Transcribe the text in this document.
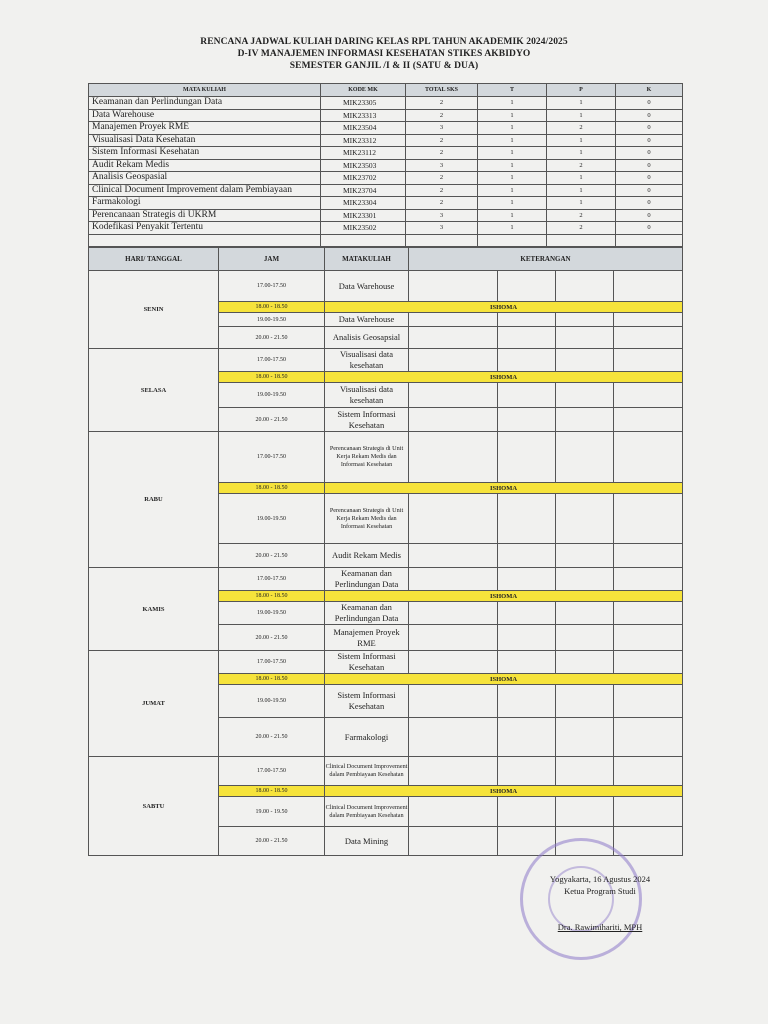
RENCANA JADWAL KULIAH DARING KELAS RPL TAHUN AKADEMIK 2024/2025
D-IV MANAJEMEN INFORMASI KESEHATAN STIKES AKBIDYO
SEMESTER GANJIL /I & II (SATU & DUA)
MATA KULIAH	KODE MK	TOTAL SKS	T	P	K
Keamanan dan Perlindungan Data	MIK23305	2	1	1	0
Data Warehouse	MIK23313	2	1	1	0
Manajemen Proyek RME	MIK23504	3	1	2	0
Visualisasi Data Kesehatan	MIK23312	2	1	1	0
Sistem Informasi Kesehatan	MIK23112	2	1	1	0
Audit Rekam Medis	MIK23503	3	1	2	0
Analisis Geospasial	MIK23702	2	1	1	0
Clinical Document Improvement dalam Pembiayaan	MIK23704	2	1	1	0
Farmakologi	MIK23304	2	1	1	0
Perencanaan Strategis di UKRM	MIK23301	3	1	2	0
Kodefikasi Penyakit Tertentu	MIK23502	3	1	2	0

HARI/ TANGGAL	JAM	MATAKULIAH	KETERANGAN			
SENIN	17.00-17.50	Data Warehouse				
	18.00 - 18.50	ISHOMA				
	19.00-19.50	Data Warehouse				
	20.00 - 21.50	Analisis Geosapsial				
SELASA	17.00-17.50	Visualisasi data kesehatan				
	18.00 - 18.50	ISHOMA				
	19.00-19.50	Visualisasi data kesehatan				
	20.00 - 21.50	Sistem Informasi Kesehatan				
RABU	17.00-17.50	Perencanaan Strategis di Unit Kerja Rekam Medis dan Informasi Kesehatan				
	18.00 - 18.50	ISHOMA				
	19.00-19.50	Perencanaan Strategis di Unit Kerja Rekam Medis dan Informasi Kesehatan				
	20.00 - 21.50	Audit Rekam Medis				
KAMIS	17.00-17.50	Keamanan dan Perlindungan Data				
	18.00 - 18.50	ISHOMA				
	19.00-19.50	Keamanan dan Perlindungan Data				
	20.00 - 21.50	Manajemen Proyek RME				
JUMAT	17.00-17.50	Sistem Informasi Kesehatan				
	18.00 - 18.50	ISHOMA				
	19.00-19.50	Sistem Informasi Kesehatan				
	20.00 - 21.50	Farmakologi				
SABTU	17.00-17.50	Clinical Document Improvement dalam Pembiayaan Kesehatan				
	18.00 - 18.50	ISHOMA				
	19.00 - 19.50	Clinical Document Improvement dalam Pembiayaan Kesehatan				
	20.00 - 21.50	Data Mining				
Yogyakarta, 16 Agustus 2024
Ketua Program Studi
Dra. Rawimihariti, MPH
